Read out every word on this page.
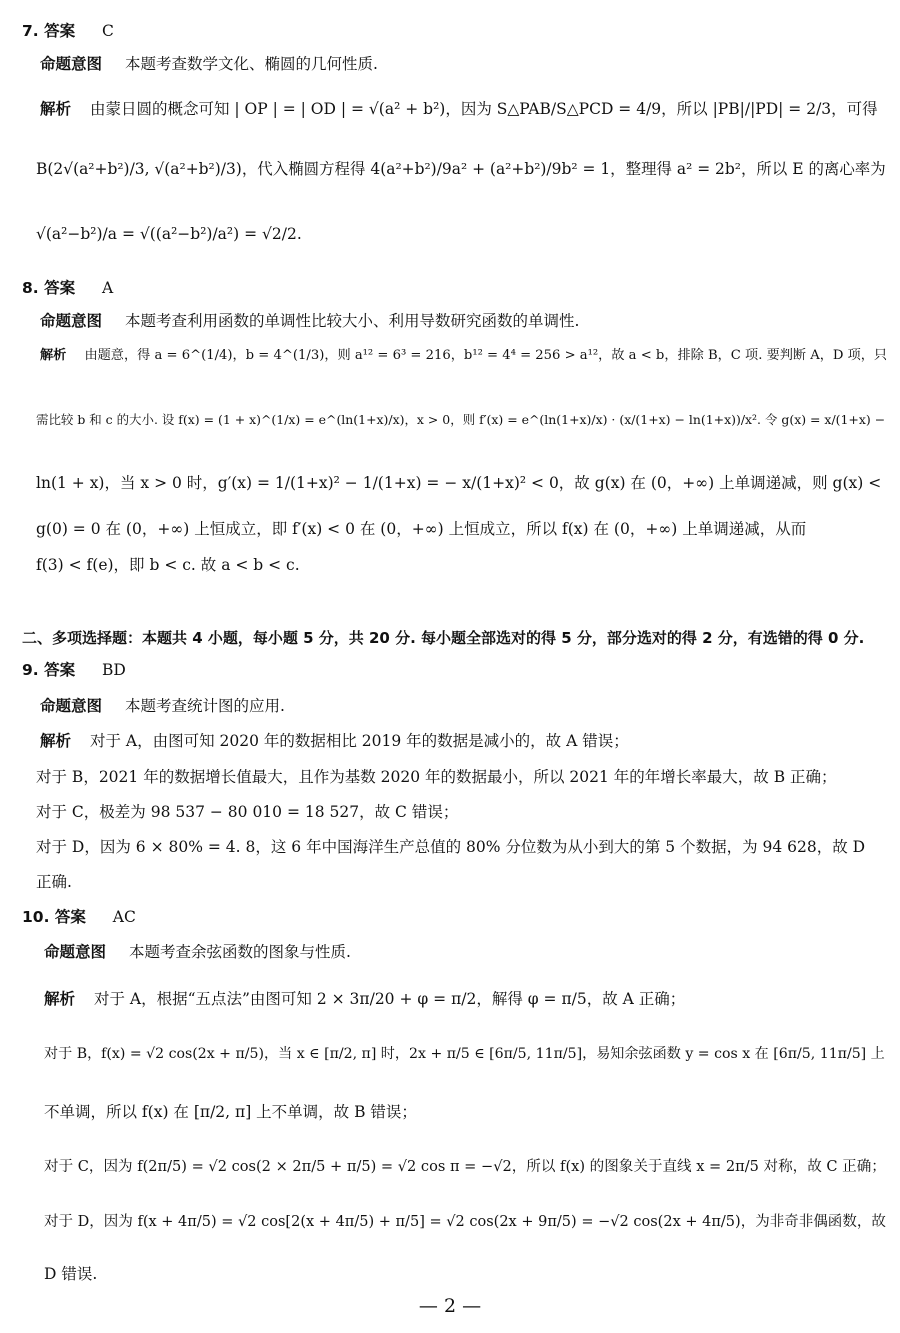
7. 答案 C
命题意图 本题考查数学文化、椭圆的几何性质.
解析 由蒙日圆的概念可知 | OP | = | OD | = √(a² + b²)，因为 S△PAB/S△PCD = 4/9，所以 |PB|/|PD| = 2/3，可得
B(2√(a²+b²)/3, √(a²+b²)/3)，代入椭圆方程得 4(a²+b²)/9a² + (a²+b²)/9b² = 1，整理得 a² = 2b²，所以 E 的离心率为
√(a²−b²)/a = √((a²−b²)/a²) = √2/2.
8. 答案 A
命题意图 本题考查利用函数的单调性比较大小、利用导数研究函数的单调性.
解析 由题意，得 a = 6^(1/4)，b = 4^(1/3)，则 a¹² = 6³ = 216，b¹² = 4⁴ = 256 > a¹²，故 a < b，排除 B，C 项. 要判断 A，D 项，只
需比较 b 和 c 的大小. 设 f(x) = (1 + x)^(1/x) = e^(ln(1+x)/x)，x > 0，则 f′(x) = e^(ln(1+x)/x) · (x/(1+x) − ln(1+x))/x². 令 g(x) = x/(1+x) −
ln(1 + x)，当 x > 0 时，g′(x) = 1/(1+x)² − 1/(1+x) = − x/(1+x)² < 0，故 g(x) 在 (0，+∞) 上单调递减，则 g(x) <
g(0) = 0 在 (0，+∞) 上恒成立，即 f′(x) < 0 在 (0，+∞) 上恒成立，所以 f(x) 在 (0，+∞) 上单调递减，从而
f(3) < f(e)，即 b < c. 故 a < b < c.
二、多项选择题：本题共 4 小题，每小题 5 分，共 20 分. 每小题全部选对的得 5 分，部分选对的得 2 分，有选错的得 0 分.
9. 答案 BD
命题意图 本题考查统计图的应用.
解析 对于 A，由图可知 2020 年的数据相比 2019 年的数据是减小的，故 A 错误；
对于 B，2021 年的数据增长值最大，且作为基数 2020 年的数据最小，所以 2021 年的年增长率最大，故 B 正确；
对于 C，极差为 98 537 − 80 010 = 18 527，故 C 错误；
对于 D，因为 6 × 80% = 4. 8，这 6 年中国海洋生产总值的 80% 分位数为从小到大的第 5 个数据，为 94 628，故 D
正确.
10. 答案 AC
命题意图 本题考查余弦函数的图象与性质.
解析 对于 A，根据“五点法”由图可知 2 × 3π/20 + φ = π/2，解得 φ = π/5，故 A 正确；
对于 B，f(x) = √2 cos(2x + π/5)，当 x ∈ [π/2, π] 时，2x + π/5 ∈ [6π/5, 11π/5]，易知余弦函数 y = cos x 在 [6π/5, 11π/5] 上
不单调，所以 f(x) 在 [π/2, π] 上不单调，故 B 错误；
对于 C，因为 f(2π/5) = √2 cos(2 × 2π/5 + π/5) = √2 cos π = −√2，所以 f(x) 的图象关于直线 x = 2π/5 对称，故 C 正确；
对于 D，因为 f(x + 4π/5) = √2 cos[2(x + 4π/5) + π/5] = √2 cos(2x + 9π/5) = −√2 cos(2x + 4π/5)，为非奇非偶函数，故
D 错误.
— 2 —
